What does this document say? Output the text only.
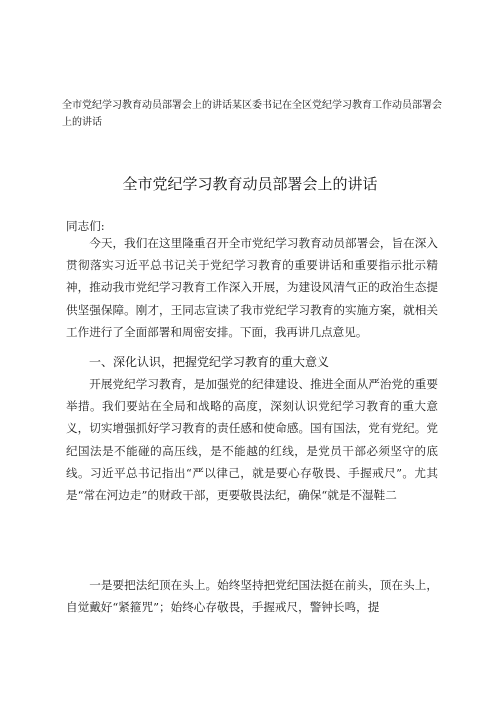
全市党纪学习教育动员部署会上的讲话某区委书记在全区党纪学习教育工作动员部署会上的讲话
全市党纪学习教育动员部署会上的讲话
同志们:

今天，我们在这里隆重召开全市党纪学习教育动员部署会，旨在深入贯彻落实习近平总书记关于党纪学习教育的重要讲话和重要指示批示精神，推动我市党纪学习教育工作深入开展，为建设风清气正的政治生态提供坚强保障。刚才，王同志宣读了我市党纪学习教育的实施方案，就相关工作进行了全面部署和周密安排。下面，我再讲几点意见。

一、深化认识，把握党纪学习教育的重大意义

开展党纪学习教育，是加强党的纪律建设、推进全面从严治党的重要举措。我们要站在全局和战略的高度，深刻认识党纪学习教育的重大意义，切实增强抓好学习教育的责任感和使命感。国有国法，党有党纪。党纪国法是不能碰的高压线，是不能越的红线，是党员干部必须坚守的底线。习近平总书记指出“严以律己，就是要心存敬畏、手握戒尺”。尤其是“常在河边走”的财政干部，更要敬畏法纪，确保“就是不湿鞋二

一是要把法纪顶在头上。始终坚持把党纪国法挺在前头，顶在头上，自觉戴好“紧箍咒”；始终心存敬畏，手握戒尺，警钟长鸣，提
